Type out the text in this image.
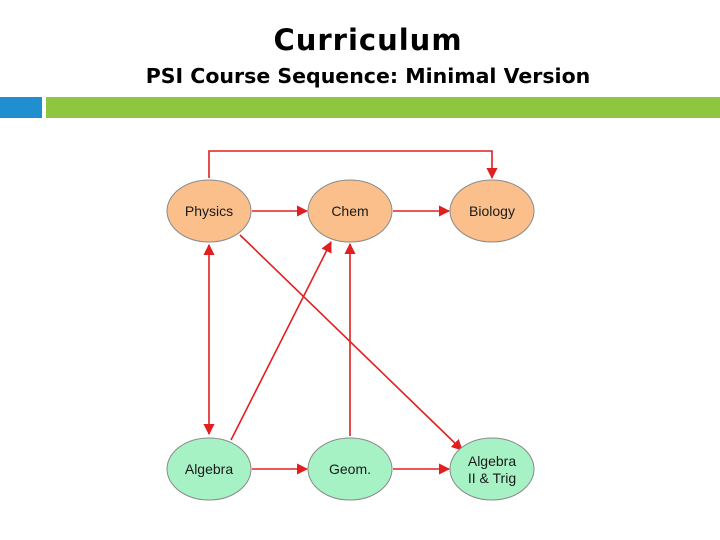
Curriculum
PSI Course Sequence: Minimal Version
Physics	Chem	Biology
Algebra	Geom.	Algebra II & Trig
